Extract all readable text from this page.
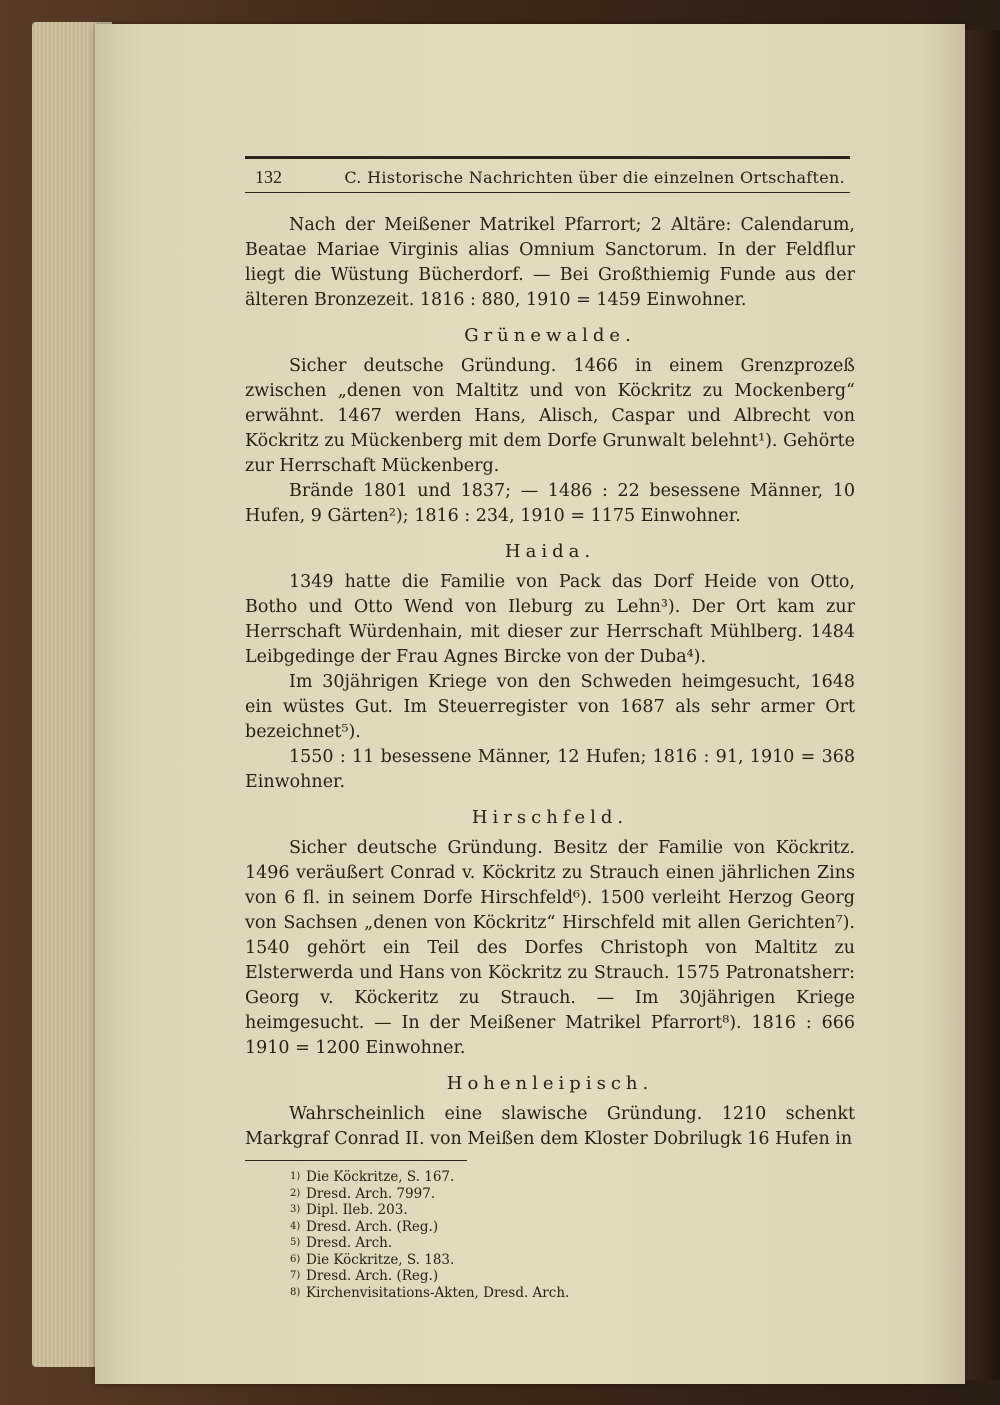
132	C. Historische Nachrichten über die einzelnen Ortschaften.

Nach der Meißener Matrikel Pfarrort; 2 Altäre: Calendarum, Beatae Mariae Virginis alias Omnium Sanctorum. In der Feldflur liegt die Wüstung Bücherdorf. — Bei Großthiemig Funde aus der älteren Bronzezeit. 1816 : 880, 1910 = 1459 Einwohner.

Grünewalde.

Sicher deutsche Gründung. 1466 in einem Grenzprozeß zwischen „denen von Maltitz und von Köckritz zu Mockenberg“ erwähnt. 1467 werden Hans, Alisch, Caspar und Albrecht von Köckritz zu Mückenberg mit dem Dorfe Grunwalt belehnt¹). Gehörte zur Herrschaft Mückenberg.

Brände 1801 und 1837; — 1486 : 22 besessene Männer, 10 Hufen, 9 Gärten²); 1816 : 234, 1910 = 1175 Einwohner.

Haida.

1349 hatte die Familie von Pack das Dorf Heide von Otto, Botho und Otto Wend von Ileburg zu Lehn³). Der Ort kam zur Herrschaft Würdenhain, mit dieser zur Herrschaft Mühlberg. 1484 Leibgedinge der Frau Agnes Bircke von der Duba⁴).

Im 30jährigen Kriege von den Schweden heimgesucht, 1648 ein wüstes Gut. Im Steuerregister von 1687 als sehr armer Ort bezeichnet⁵).

1550 : 11 besessene Männer, 12 Hufen; 1816 : 91, 1910 = 368 Einwohner.

Hirschfeld.

Sicher deutsche Gründung. Besitz der Familie von Köckritz. 1496 veräußert Conrad v. Köckritz zu Strauch einen jährlichen Zins von 6 fl. in seinem Dorfe Hirschfeld⁶). 1500 verleiht Herzog Georg von Sachsen „denen von Köckritz“ Hirschfeld mit allen Gerichten⁷). 1540 gehört ein Teil des Dorfes Christoph von Maltitz zu Elsterwerda und Hans von Köckritz zu Strauch. 1575 Patronatsherr: Georg v. Köckeritz zu Strauch. — Im 30jährigen Kriege heimgesucht. — In der Meißener Matrikel Pfarrort⁸). 1816 : 666 1910 = 1200 Einwohner.

Hohenleipisch.

Wahrscheinlich eine slawische Gründung. 1210 schenkt Markgraf Conrad II. von Meißen dem Kloster Dobrilugk 16 Hufen in

1) Die Köckritze, S. 167.
2) Dresd. Arch. 7997.
3) Dipl. Ileb. 203.
4) Dresd. Arch. (Reg.)
5) Dresd. Arch.
6) Die Köckritze, S. 183.
7) Dresd. Arch. (Reg.)
8) Kirchenvisitations-Akten, Dresd. Arch.
